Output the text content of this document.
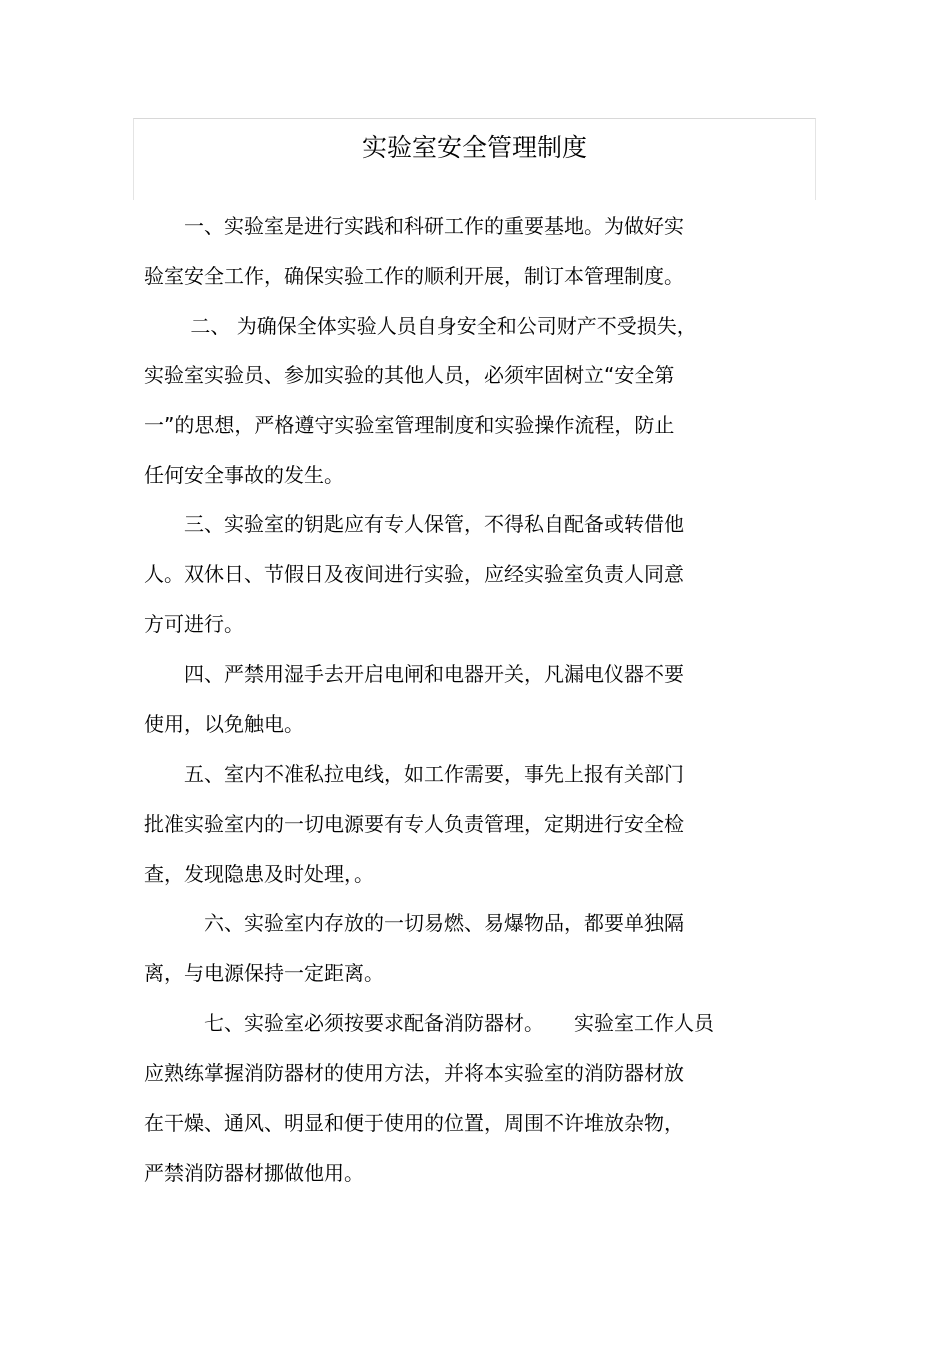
实验室安全管理制度
　　一、实验室是进行实践和科研工作的重要基地。为做好实
验室安全工作，确保实验工作的顺利开展，制订本管理制度。
　　 二、 为确保全体实验人员自身安全和公司财产不受损失，
实验室实验员、参加实验的其他人员，必须牢固树立“安全第
一”的思想，严格遵守实验室管理制度和实验操作流程，防止
任何安全事故的发生。
　　三、实验室的钥匙应有专人保管，不得私自配备或转借他
人。双休日、节假日及夜间进行实验，应经实验室负责人同意
方可进行。
　　四、严禁用湿手去开启电闸和电器开关，凡漏电仪器不要
使用，以免触电。
　　五、室内不准私拉电线，如工作需要，事先上报有关部门
批准实验室内的一切电源要有专人负责管理，定期进行安全检
查，发现隐患及时处理，。
　　　六、实验室内存放的一切易燃、易爆物品，都要单独隔
离，与电源保持一定距离。
　　　七、实验室必须按要求配备消防器材。　　实验室工作人员
应熟练掌握消防器材的使用方法，并将本实验室的消防器材放
在干燥、通风、明显和便于使用的位置，周围不许堆放杂物，
严禁消防器材挪做他用。
